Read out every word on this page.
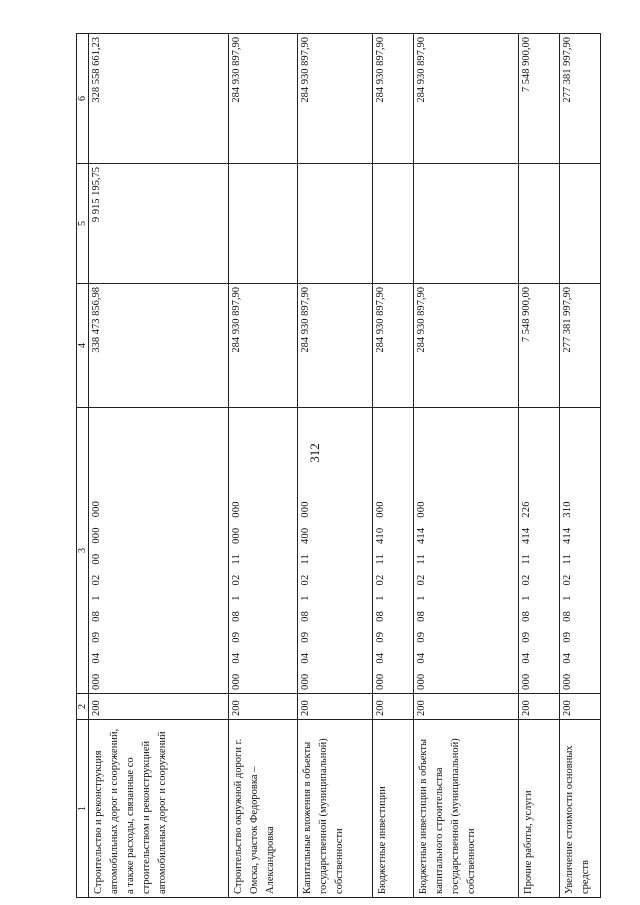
312
1	2	3	4	5	6
Строительство и реконструкция автомобильных дорог и сооружений, а также расходы, связанные со строительством и реконструкцией автомобильных дорог и сооружений	200	00004090810200000000	338 473 856,98	9 915 195,75	328 558 661,23
Строительство окружной дороги г. Омска, участок Федоровка – Александровка	200	00004090810211000000	284 930 897,90		284 930 897,90
Капитальные вложения в объекты государственной (муниципальной) собственности	200	00004090810211400000	284 930 897,90		284 930 897,90
Бюджетные инвестиции	200	00004090810211410000	284 930 897,90		284 930 897,90
Бюджетные инвестиции в объекты капитального строительства государственной (муниципальной) собственности	200	00004090810211414000	284 930 897,90		284 930 897,90
Прочие работы, услуги	200	00004090810211414226	7 548 900,00		7 548 900,00
Увеличение стоимости основных средств	200	00004090810211414310	277 381 997,90		277 381 997,90
